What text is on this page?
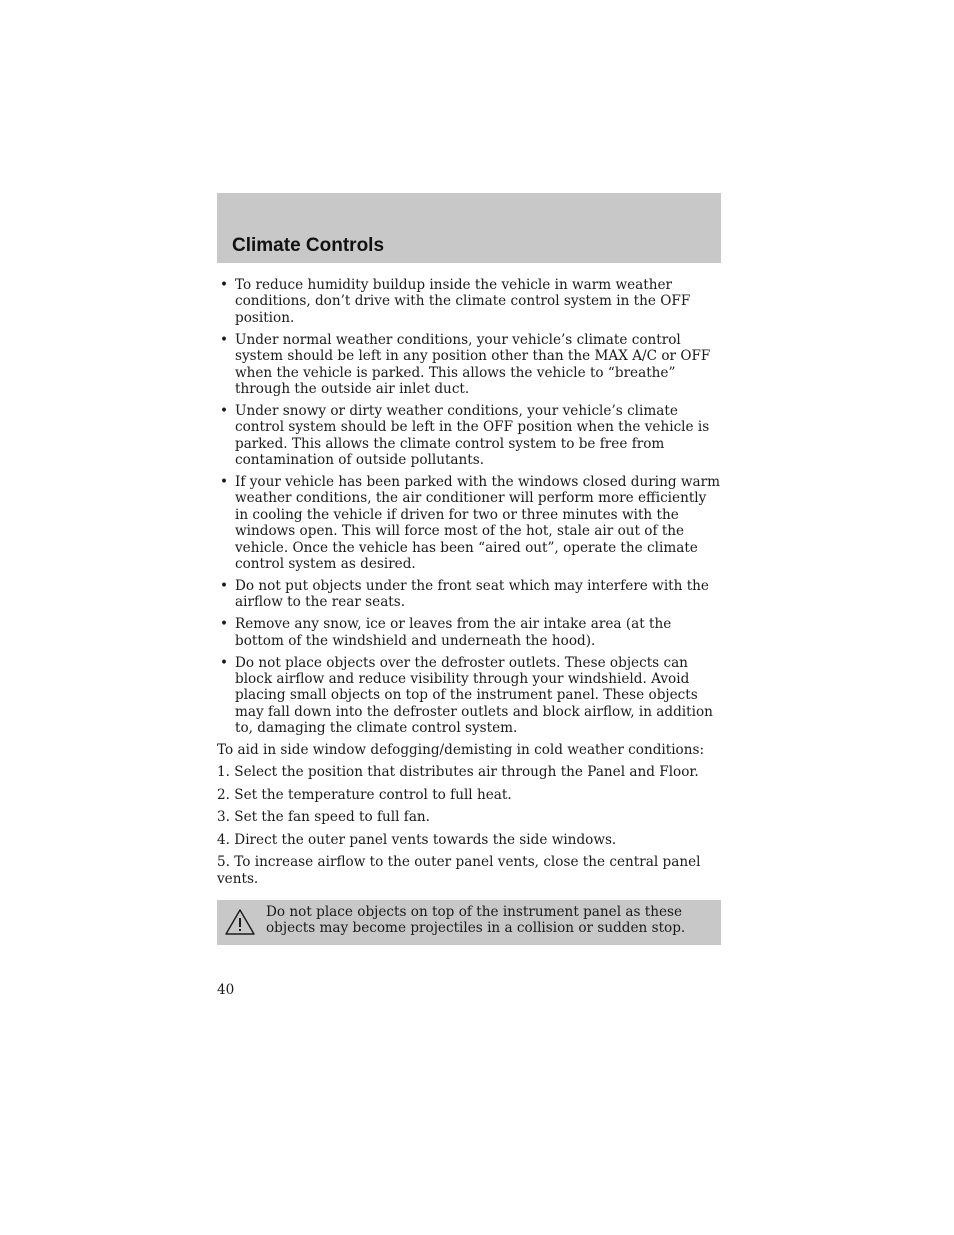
Climate Controls
• To reduce humidity buildup inside the vehicle in warm weather conditions, don’t drive with the climate control system in the OFF position.
• Under normal weather conditions, your vehicle’s climate control system should be left in any position other than the MAX A/C or OFF when the vehicle is parked. This allows the vehicle to “breathe” through the outside air inlet duct.
• Under snowy or dirty weather conditions, your vehicle’s climate control system should be left in the OFF position when the vehicle is parked. This allows the climate control system to be free from contamination of outside pollutants.
• If your vehicle has been parked with the windows closed during warm weather conditions, the air conditioner will perform more efficiently in cooling the vehicle if driven for two or three minutes with the windows open. This will force most of the hot, stale air out of the vehicle. Once the vehicle has been “aired out”, operate the climate control system as desired.
• Do not put objects under the front seat which may interfere with the airflow to the rear seats.
• Remove any snow, ice or leaves from the air intake area (at the bottom of the windshield and underneath the hood).
• Do not place objects over the defroster outlets. These objects can block airflow and reduce visibility through your windshield. Avoid placing small objects on top of the instrument panel. These objects may fall down into the defroster outlets and block airflow, in addition to, damaging the climate control system.

To aid in side window defogging/demisting in cold weather conditions:

1. Select the position that distributes air through the Panel and Floor.

2. Set the temperature control to full heat.

3. Set the fan speed to full fan.

4. Direct the outer panel vents towards the side windows.

5. To increase airflow to the outer panel vents, close the central panel vents.

Do not place objects on top of the instrument panel as these objects may become projectiles in a collision or sudden stop.
40
